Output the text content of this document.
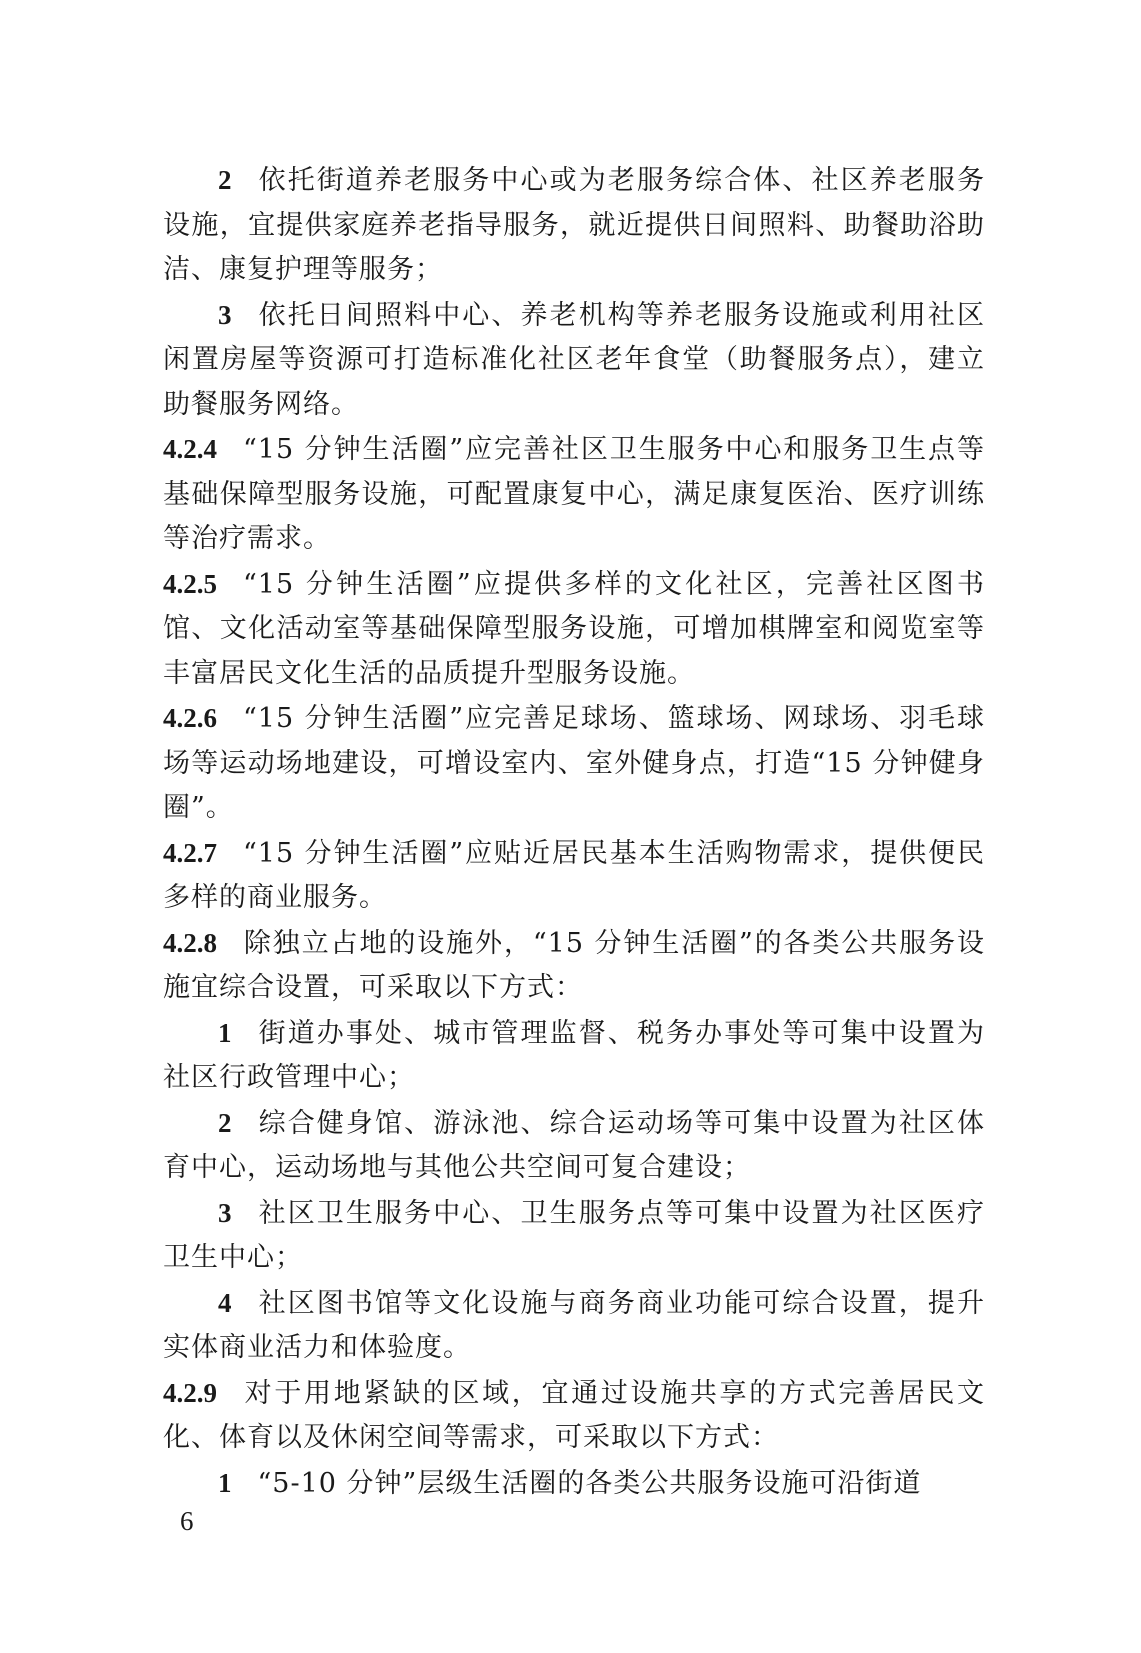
2 依托街道养老服务中心或为老服务综合体、社区养老服务设施，宜提供家庭养老指导服务，就近提供日间照料、助餐助浴助洁、康复护理等服务；

3 依托日间照料中心、养老机构等养老服务设施或利用社区闲置房屋等资源可打造标准化社区老年食堂（助餐服务点），建立助餐服务网络。

4.2.4 “15 分钟生活圈”应完善社区卫生服务中心和服务卫生点等基础保障型服务设施，可配置康复中心，满足康复医治、医疗训练等治疗需求。

4.2.5 “15 分钟生活圈”应提供多样的文化社区，完善社区图书馆、文化活动室等基础保障型服务设施，可增加棋牌室和阅览室等丰富居民文化生活的品质提升型服务设施。

4.2.6 “15 分钟生活圈”应完善足球场、篮球场、网球场、羽毛球场等运动场地建设，可增设室内、室外健身点，打造“15 分钟健身圈”。

4.2.7 “15 分钟生活圈”应贴近居民基本生活购物需求，提供便民多样的商业服务。

4.2.8 除独立占地的设施外，“15 分钟生活圈”的各类公共服务设施宜综合设置，可采取以下方式：

1 街道办事处、城市管理监督、税务办事处等可集中设置为社区行政管理中心；

2 综合健身馆、游泳池、综合运动场等可集中设置为社区体育中心，运动场地与其他公共空间可复合建设；

3 社区卫生服务中心、卫生服务点等可集中设置为社区医疗卫生中心；

4 社区图书馆等文化设施与商务商业功能可综合设置，提升实体商业活力和体验度。

4.2.9 对于用地紧缺的区域，宜通过设施共享的方式完善居民文化、体育以及休闲空间等需求，可采取以下方式：

1 “5-10 分钟”层级生活圈的各类公共服务设施可沿街道

6
